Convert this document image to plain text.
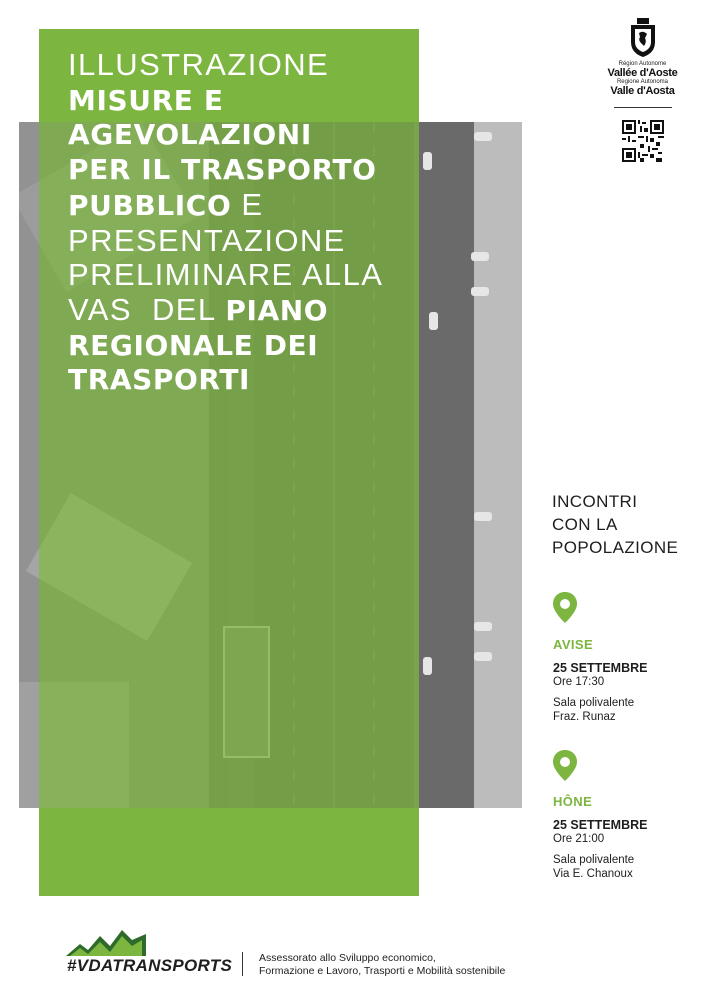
ILLUSTRAZIONE
MISURE E
AGEVOLAZIONI
PER IL TRASPORTO
PUBBLICO E
PRESENTAZIONE
PRELIMINARE ALLA
VAS  DEL PIANO
REGIONALE DEI
TRASPORTI
Région Autonome
Vallée d'Aoste
Regione Autonoma
Valle d'Aosta
INCONTRI
CON LA
POPOLAZIONE
AVISE
25 SETTEMBRE
Ore 17:30
Sala polivalente
Fraz. Runaz
HÔNE
25 SETTEMBRE
Ore 21:00
Sala polivalente
Via E. Chanoux
#VDATRANSPORTS	Assessorato allo Sviluppo economico,
Formazione e Lavoro, Trasporti e Mobilità sostenibile
